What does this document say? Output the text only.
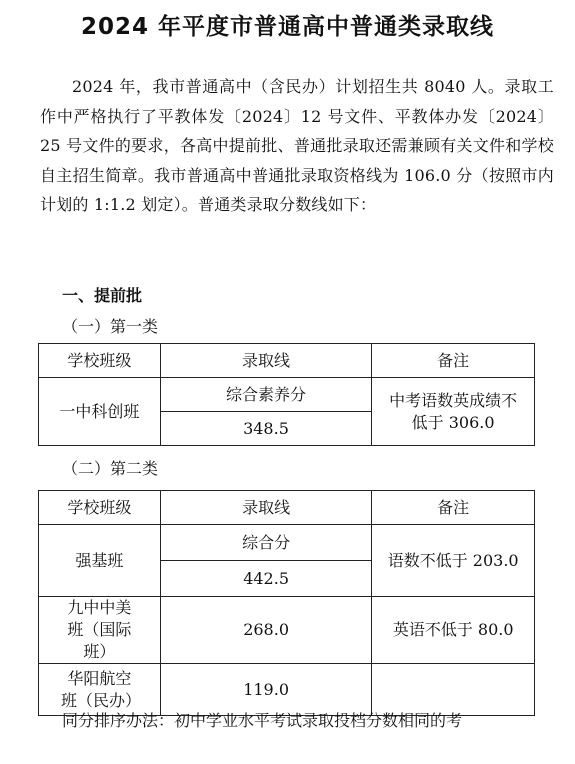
2024 年平度市普通高中普通类录取线
2024 年，我市普通高中（含民办）计划招生共 8040 人。录取工作中严格执行了平教体发〔2024〕12 号文件、平教体办发〔2024〕25 号文件的要求，各高中提前批、普通批录取还需兼顾有关文件和学校自主招生简章。我市普通高中普通批录取资格线为 106.0 分（按照市内计划的 1:1.2 划定）。普通类录取分数线如下：
一、提前批
（一）第一类
学校班级	录取线	备注
一中科创班	综合素养分	中考语数英成绩不低于 306.0
	348.5	
（二）第二类
学校班级	录取线	备注
强基班	综合分	语数不低于 203.0
	442.5	
九中中美班（国际班）	268.0	英语不低于 80.0
华阳航空班（民办）	119.0	
同分排序办法：初中学业水平考试录取投档分数相同的考
